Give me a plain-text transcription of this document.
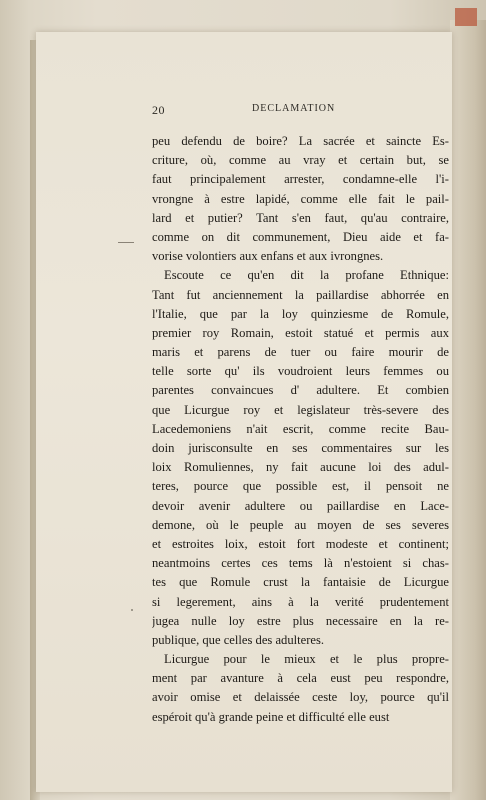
20	DECLAMATION
peu defendu de boire? La sacrée et saincte Es-
criture, où, comme au vray et certain but, se
faut principalement arrester, condamne-elle l'i-
vrongne à estre lapidé, comme elle fait le pail-
lard et putier? Tant s'en faut, qu'au contraire,
comme on dit communement, Dieu aide et fa-
vorise volontiers aux enfans et aux ivrongnes.
Escoute ce qu'en dit la profane Ethnique:
Tant fut anciennement la paillardise abhorrée en
l'Italie, que par la loy quinziesme de Romule,
premier roy Romain, estoit statué et permis aux
maris et parens de tuer ou faire mourir de
telle sorte qu' ils voudroient leurs femmes ou
parentes convaincues d' adultere. Et combien
que Licurgue roy et legislateur très-severe des
Lacedemoniens n'ait escrit, comme recite Bau-
doin jurisconsulte en ses commentaires sur les
loix Romuliennes, ny fait aucune loi des adul-
teres, pource que possible est, il pensoit ne
devoir avenir adultere ou paillardise en Lace-
demone, où le peuple au moyen de ses severes
et estroites loix, estoit fort modeste et continent;
neantmoins certes ces tems là n'estoient si chas-
tes que Romule crust la fantaisie de Licurgue
si legerement, ains à la verité prudentement
jugea nulle loy estre plus necessaire en la re-
publique, que celles des adulteres.
Licurgue pour le mieux et le plus propre-
ment par avanture à cela eust peu respondre,
avoir omise et delaissée ceste loy, pource qu'il
espéroit qu'à grande peine et difficulté elle eust
